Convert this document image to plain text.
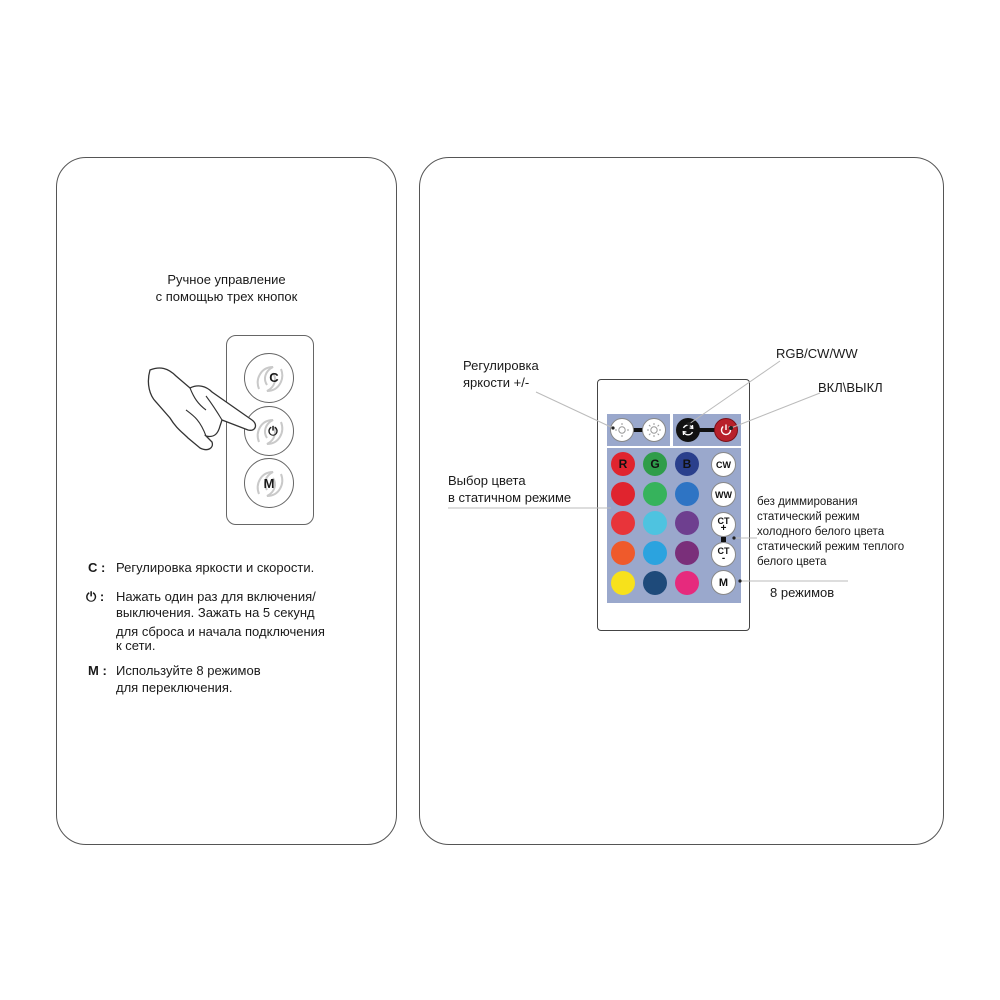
Ручное управление
с помощью трех кнопок
C
⏻
M
C : Регулировка яркости и скорости.
⏻ : Нажать один раз для включения/
выключения. Зажать на 5 секунд
для сброса и начала подключения
к сети.
M : Используйте 8 режимов
для переключения.
Регулировка
яркости +/-
RGB/CW/WW
ВКЛ\ВЫКЛ
Выбор цвета
в статичном режиме	без диммирования
статический режим
холодного белого цвета
статический режим теплого
белого цвета
8 режимов
R G B	CW
WW
CT
+
CT
-
M
